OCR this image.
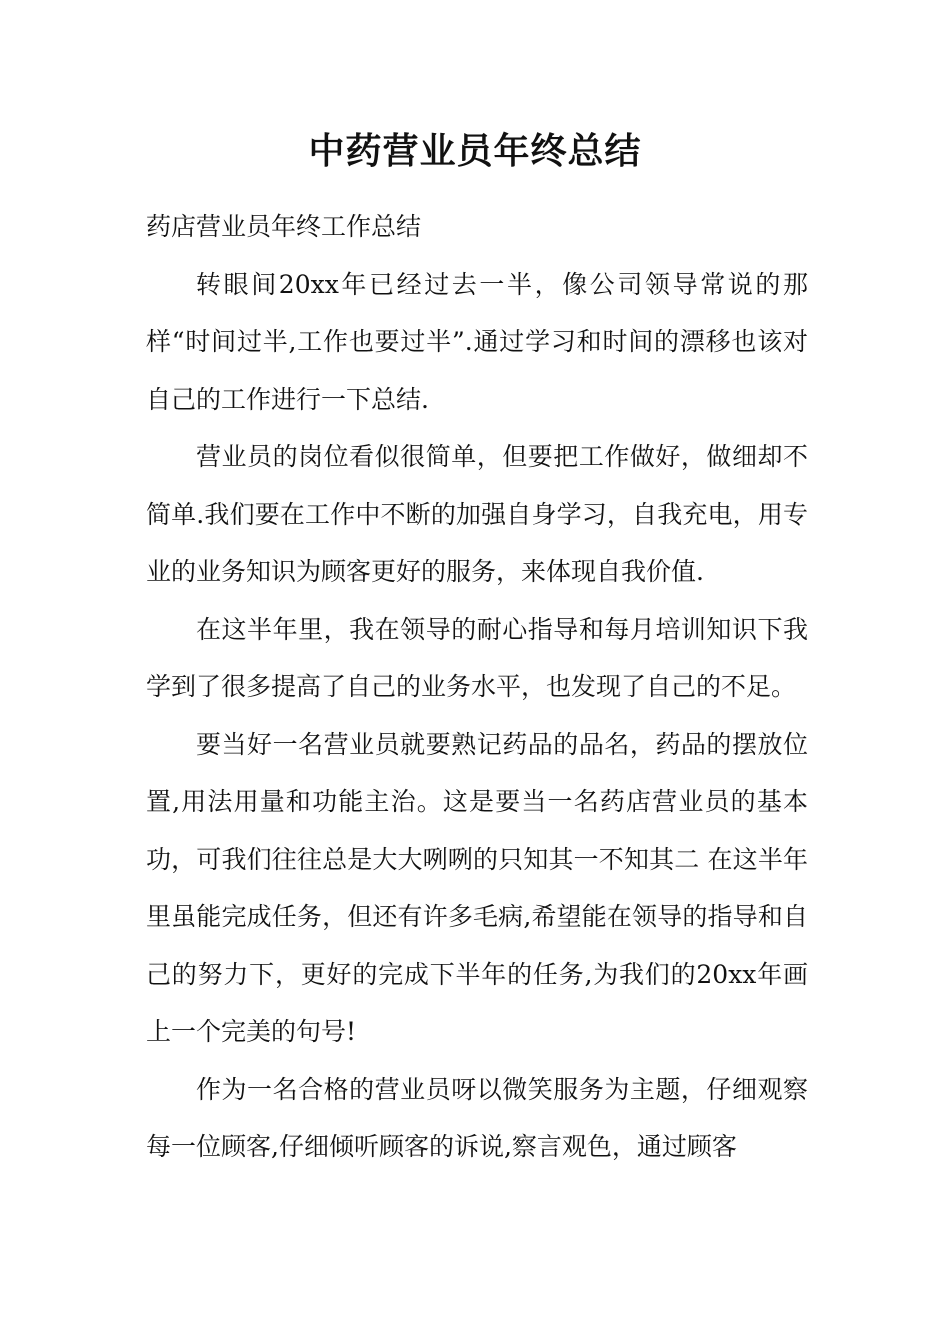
中药营业员年终总结

药店营业员年终工作总结

转眼间20xx年已经过去一半，像公司领导常说的那样“时间过半,工作也要过半”.通过学习和时间的漂移也该对自己的工作进行一下总结.

营业员的岗位看似很简单，但要把工作做好，做细却不简单.我们要在工作中不断的加强自身学习，自我充电，用专业的业务知识为顾客更好的服务，来体现自我价值.

在这半年里，我在领导的耐心指导和每月培训知识下我学到了很多提高了自己的业务水平，也发现了自己的不足。

要当好一名营业员就要熟记药品的品名，药品的摆放位置,用法用量和功能主治。这是要当一名药店营业员的基本功，可我们往往总是大大咧咧的只知其一不知其二 在这半年里虽能完成任务，但还有许多毛病,希望能在领导的指导和自己的努力下，更好的完成下半年的任务,为我们的20xx年画上一个完美的句号!

作为一名合格的营业员呀以微笑服务为主题，仔细观察每一位顾客,仔细倾听顾客的诉说,察言观色，通过顾客
